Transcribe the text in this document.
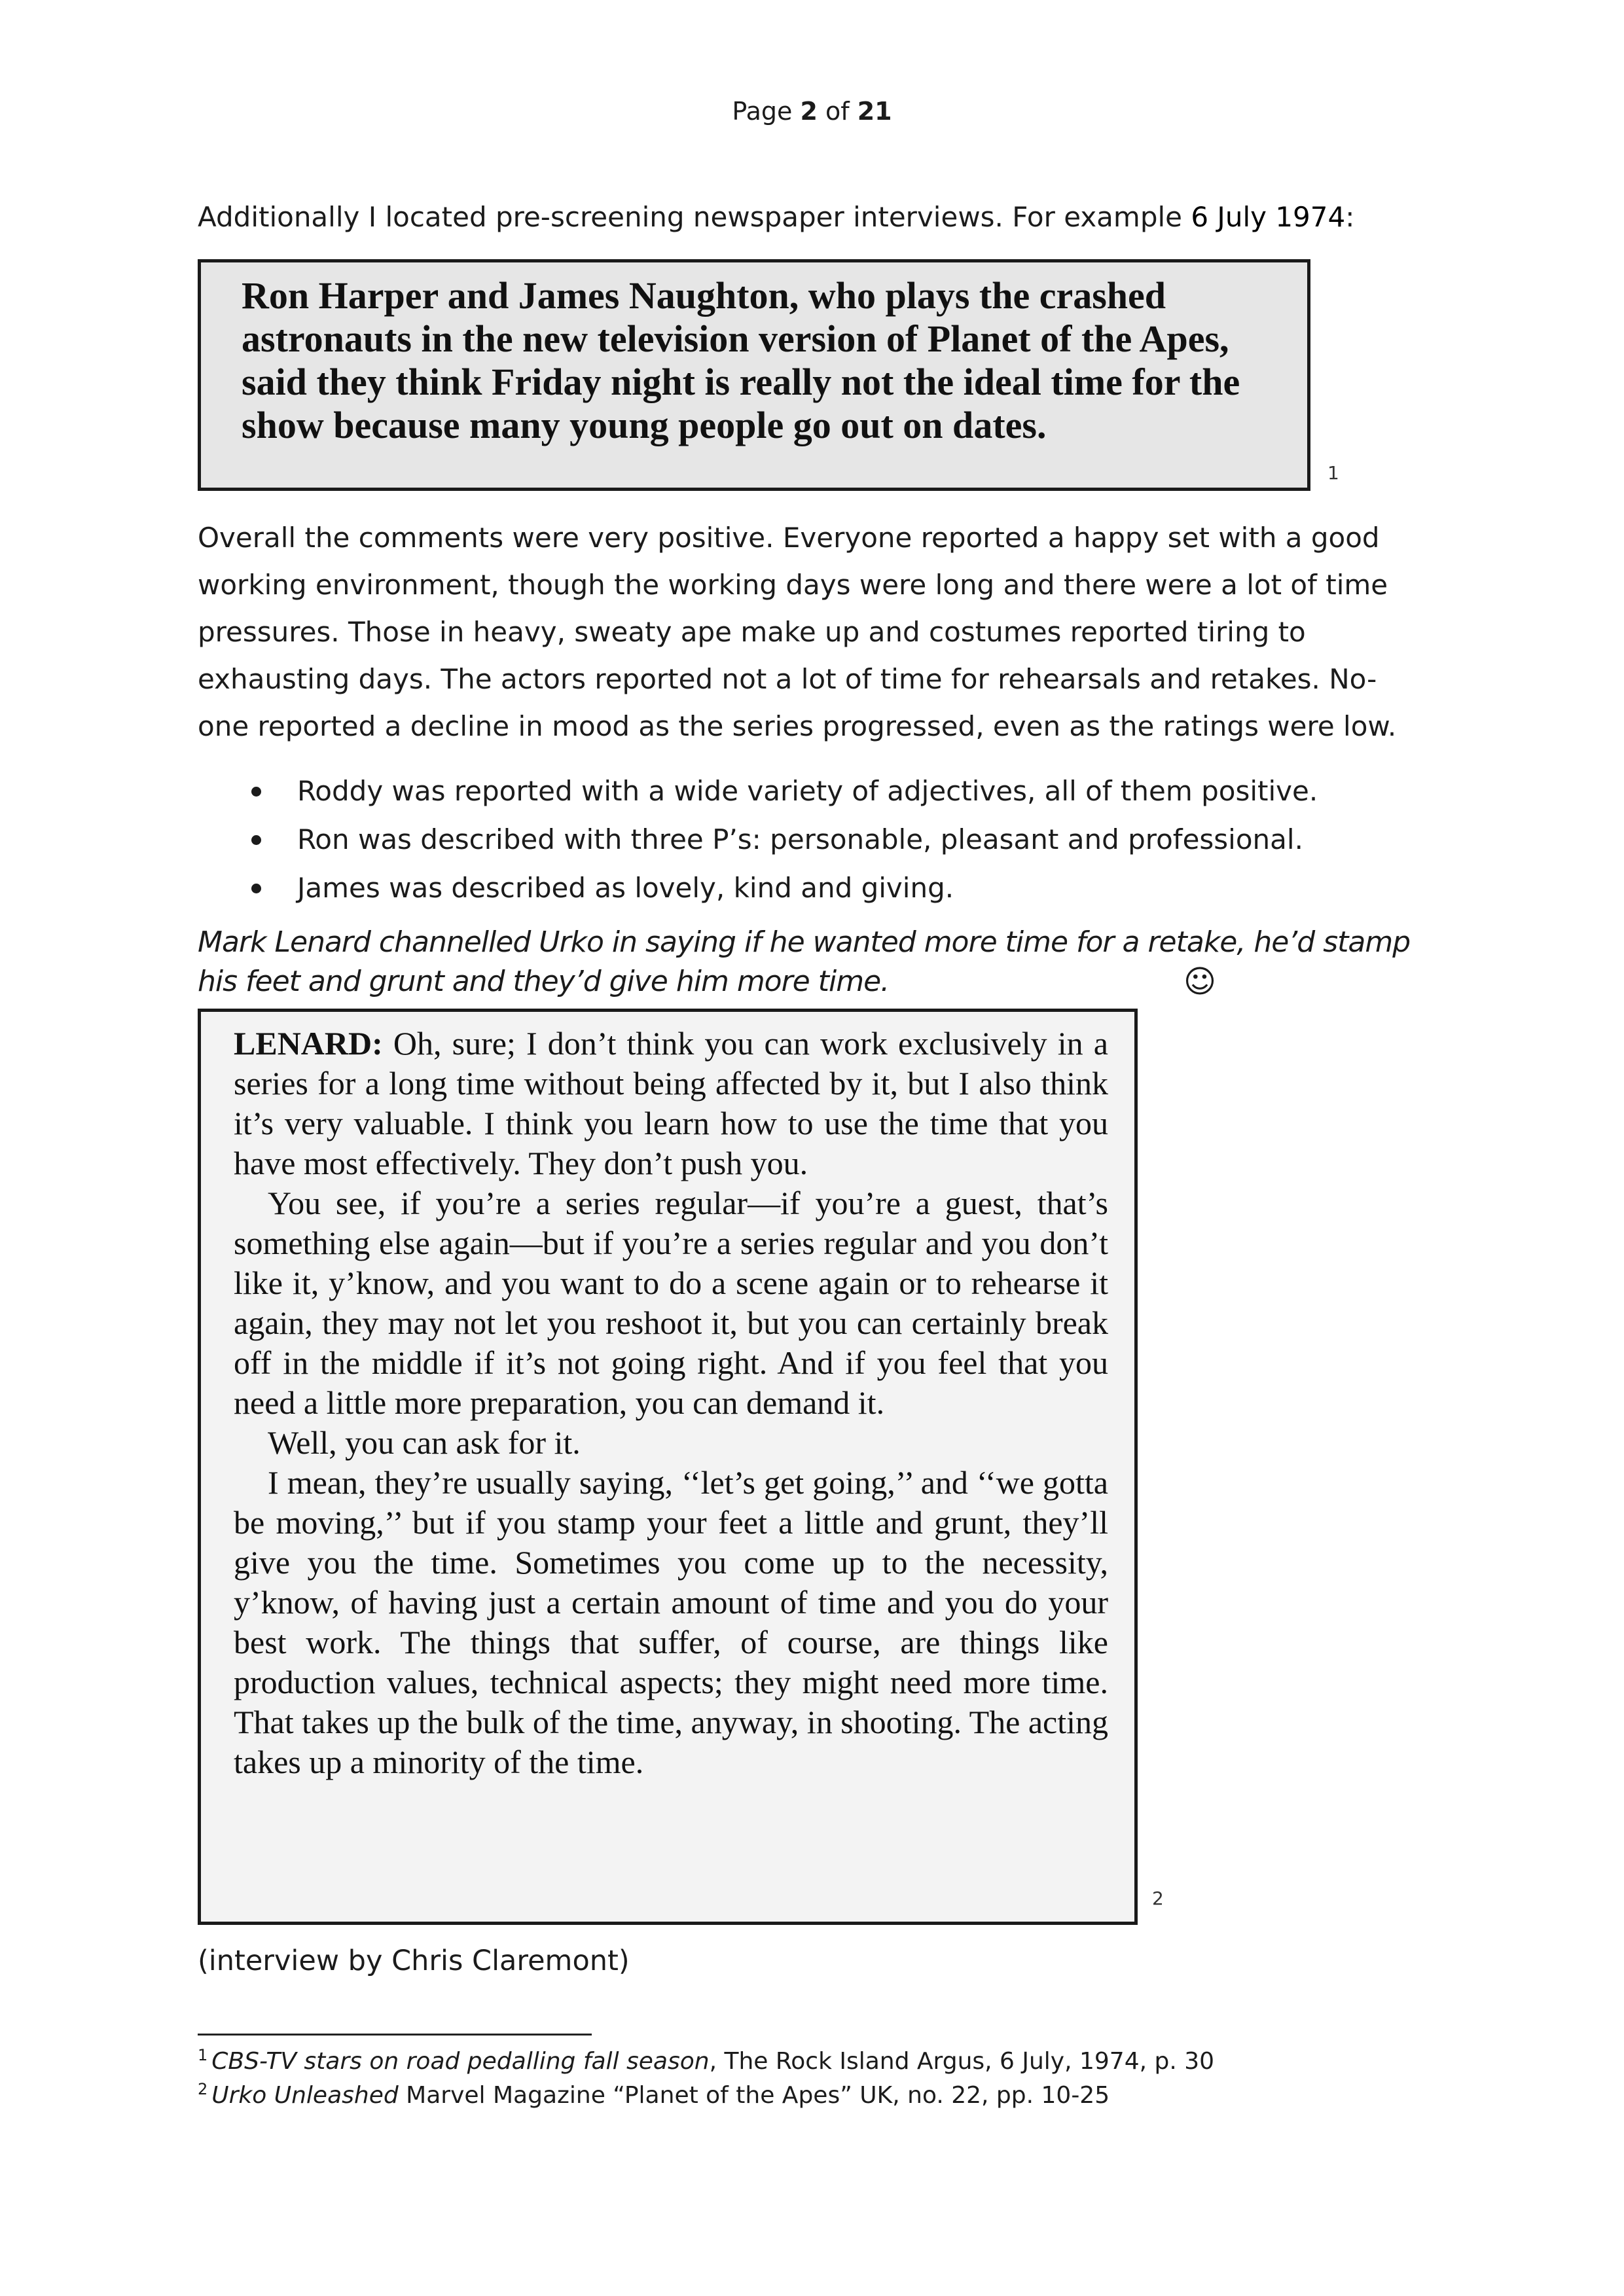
Page 2 of 21

Additionally I located pre-screening newspaper interviews. For example 6 July 1974:

Ron Harper and James Naughton, who plays the crashed astronauts in the new television version of Planet of the Apes, said they think Friday night is really not the ideal time for the show because many young people go out on dates.
1

Overall the comments were very positive. Everyone reported a happy set with a good working environment, though the working days were long and there were a lot of time pressures. Those in heavy, sweaty ape make up and costumes reported tiring to exhausting days. The actors reported not a lot of time for rehearsals and retakes. No-one reported a decline in mood as the series progressed, even as the ratings were low.

Roddy was reported with a wide variety of adjectives, all of them positive.
Ron was described with three P’s: personable, pleasant and professional.
James was described as lovely, kind and giving.

Mark Lenard channelled Urko in saying if he wanted more time for a retake, he’d stamp his feet and grunt and they’d give him more time.	☺

LENARD: Oh, sure; I don’t think you can work exclusively in a series for a long time without being affected by it, but I also think it’s very valuable. I think you learn how to use the time that you have most effectively. They don’t push you.

You see, if you’re a series regular—if you’re a guest, that’s something else again—but if you’re a series regular and you don’t like it, y’know, and you want to do a scene again or to rehearse it again, they may not let you reshoot it, but you can certainly break off in the middle if it’s not going right. And if you feel that you need a little more preparation, you can demand it.

Well, you can ask for it.

I mean, they’re usually saying, ‘‘let’s get going,’’ and ‘‘we gotta be moving,’’ but if you stamp your feet a little and grunt, they’ll give you the time. Sometimes you come up to the necessity, y’know, of having just a certain amount of time and you do your best work. The things that suffer, of course, are things like production values, technical aspects; they might need more time. That takes up the bulk of the time, anyway, in shooting. The acting takes up a minority of the time.

2

(interview by Chris Claremont)

$^1$ CBS-TV stars on road pedalling fall season, The Rock Island Argus, 6 July, 1974, p. 30

$^2$ Urko Unleashed Marvel Magazine “Planet of the Apes” UK, no. 22, pp. 10-25
